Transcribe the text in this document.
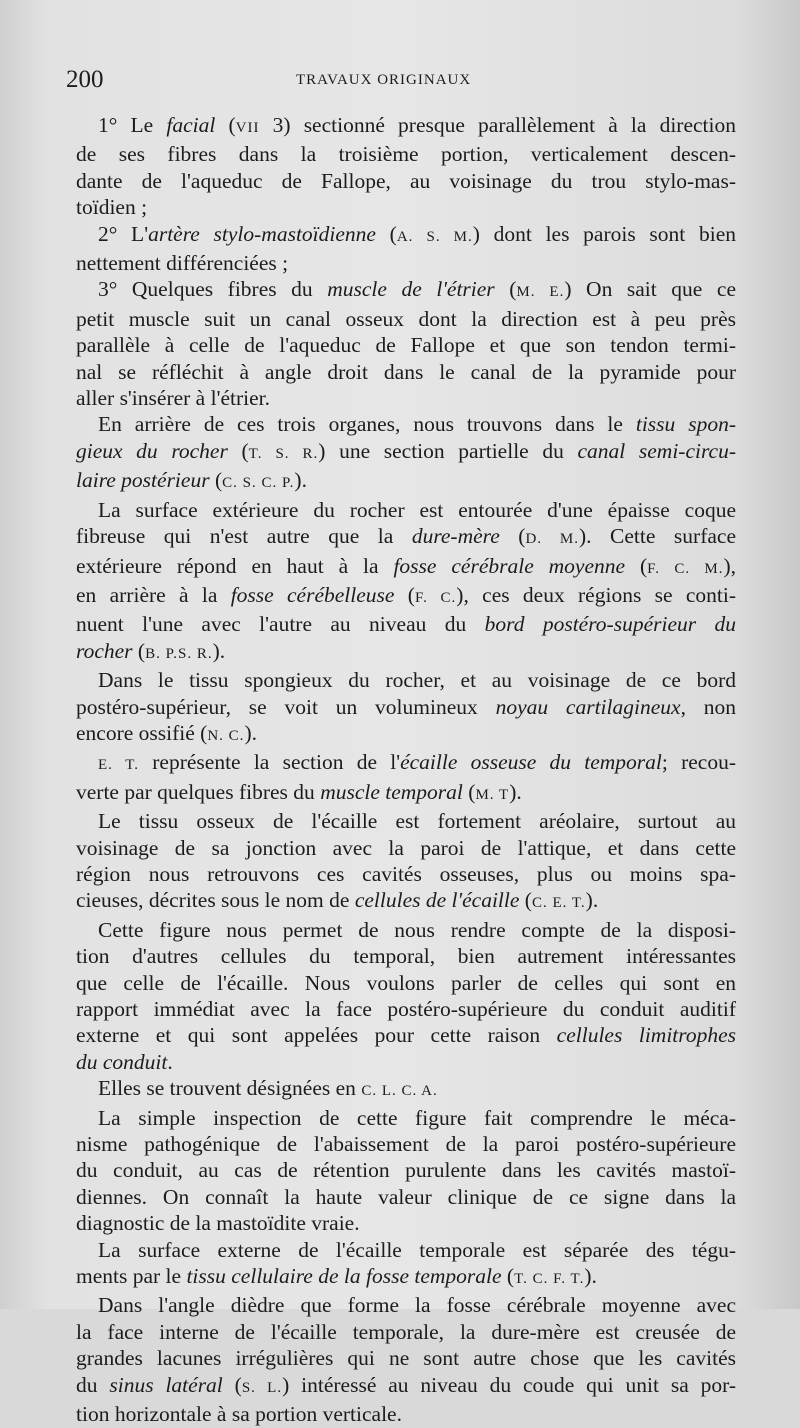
200	TRAVAUX ORIGINAUX
1° Le facial (VII 3) sectionné presque parallèlement à la direction
de ses fibres dans la troisième portion, verticalement descen-
dante de l'aqueduc de Fallope, au voisinage du trou stylo-mas-
toïdien ;
2° L'artère stylo-mastoïdienne (A. S. M.) dont les parois sont bien
nettement différenciées ;
3° Quelques fibres du muscle de l'étrier (M. E.) On sait que ce
petit muscle suit un canal osseux dont la direction est à peu près
parallèle à celle de l'aqueduc de Fallope et que son tendon termi-
nal se réfléchit à angle droit dans le canal de la pyramide pour
aller s'insérer à l'étrier.
En arrière de ces trois organes, nous trouvons dans le tissu spon-
gieux du rocher (T. S. R.) une section partielle du canal semi-circu-
laire postérieur (C. S. C. P.).
La surface extérieure du rocher est entourée d'une épaisse coque
fibreuse qui n'est autre que la dure-mère (D. M.). Cette surface
extérieure répond en haut à la fosse cérébrale moyenne (F. C. M.),
en arrière à la fosse cérébelleuse (F. C.), ces deux régions se conti-
nuent l'une avec l'autre au niveau du bord postéro-supérieur du
rocher (B. P.S. R.).
Dans le tissu spongieux du rocher, et au voisinage de ce bord
postéro-supérieur, se voit un volumineux noyau cartilagineux, non
encore ossifié (N. C.).
E. T. représente la section de l'écaille osseuse du temporal; recou-
verte par quelques fibres du muscle temporal (M. T).
Le tissu osseux de l'écaille est fortement aréolaire, surtout au
voisinage de sa jonction avec la paroi de l'attique, et dans cette
région nous retrouvons ces cavités osseuses, plus ou moins spa-
cieuses, décrites sous le nom de cellules de l'écaille (C. E. T.).
Cette figure nous permet de nous rendre compte de la disposi-
tion d'autres cellules du temporal, bien autrement intéressantes
que celle de l'écaille. Nous voulons parler de celles qui sont en
rapport immédiat avec la face postéro-supérieure du conduit auditif
externe et qui sont appelées pour cette raison cellules limitrophes
du conduit.
Elles se trouvent désignées en C. L. C. A.
La simple inspection de cette figure fait comprendre le méca-
nisme pathogénique de l'abaissement de la paroi postéro-supérieure
du conduit, au cas de rétention purulente dans les cavités mastoï-
diennes. On connaît la haute valeur clinique de ce signe dans la
diagnostic de la mastoïdite vraie.
La surface externe de l'écaille temporale est séparée des tégu-
ments par le tissu cellulaire de la fosse temporale (T. C. F. T.).
Dans l'angle dièdre que forme la fosse cérébrale moyenne avec
la face interne de l'écaille temporale, la dure-mère est creusée de
grandes lacunes irrégulières qui ne sont autre chose que les cavités
du sinus latéral (S. L.) intéressé au niveau du coude qui unit sa por-
tion horizontale à sa portion verticale.
